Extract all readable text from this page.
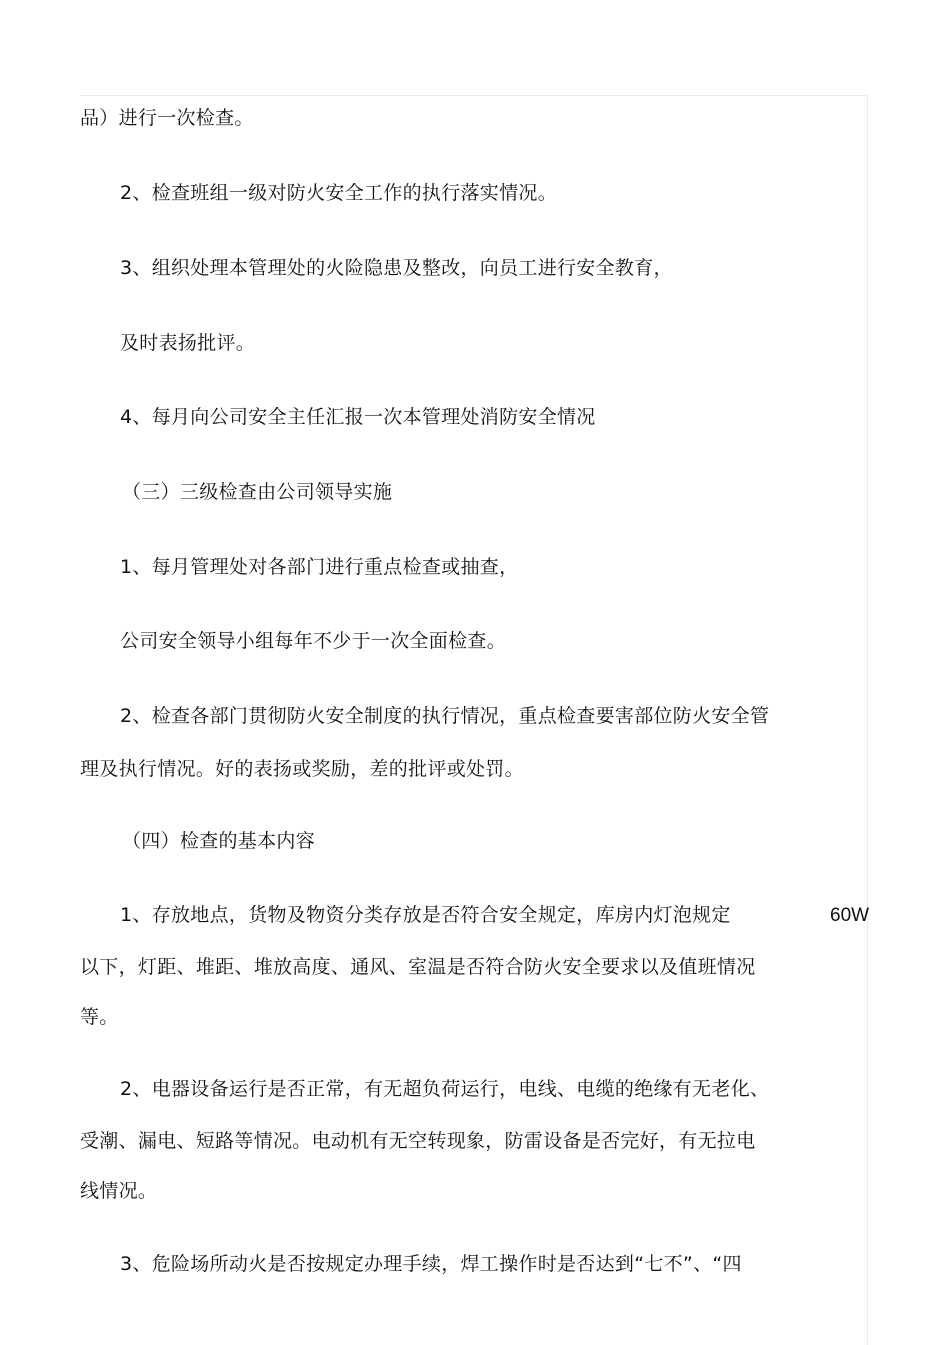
品）进行一次检查。
2、检查班组一级对防火安全工作的执行落实情况。
3、组织处理本管理处的火险隐患及整改，向员工进行安全教育，
及时表扬批评。
4、每月向公司安全主任汇报一次本管理处消防安全情况
（三）三级检查由公司领导实施
1、每月管理处对各部门进行重点检查或抽查，
公司安全领导小组每年不少于一次全面检查。
2、检查各部门贯彻防火安全制度的执行情况，重点检查要害部位防火安全管
理及执行情况。好的表扬或奖励，差的批评或处罚。
（四）检查的基本内容
1、存放地点，货物及物资分类存放是否符合安全规定，库房内灯泡规定	60W
以下，灯距、堆距、堆放高度、通风、室温是否符合防火安全要求以及值班情况
等。
2、电器设备运行是否正常，有无超负荷运行，电线、电缆的绝缘有无老化、
受潮、漏电、短路等情况。电动机有无空转现象，防雷设备是否完好，有无拉电
线情况。
3、危险场所动火是否按规定办理手续，焊工操作时是否达到“七不”、“四
